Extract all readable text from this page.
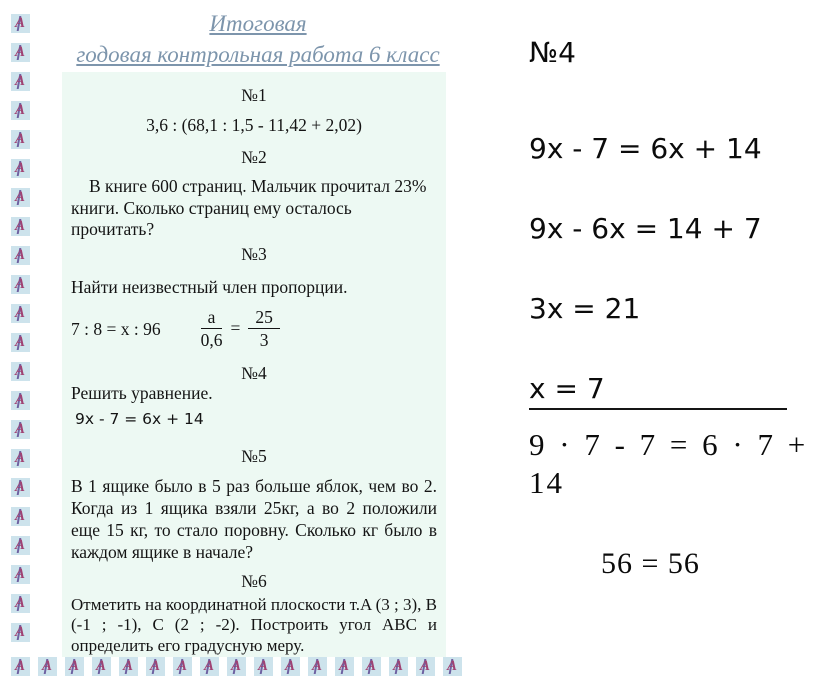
А
А
А
А
А
А
А
А
А
А
А
А
А
А
А
А
А
А
А
А
А
А
А А А А А А А А А А А А А А А А А
Итоговая
годовая контрольная работа 6 класс
№1
3,6 : (68,1 : 1,5 - 11,42 + 2,02)
№2
В книге 600 страниц. Мальчик прочитал 23% книги. Сколько страниц ему осталось прочитать?
№3
Найти неизвестный член пропорции.
7 : 8 = x : $96 \frac{a}{0,6} = \frac{25}{3}$
№4
Решить уравнение.
9x - 7 = 6x + 14
№5
В 1 ящике было в 5 раз больше яблок, чем во 2. Когда из 1 ящика взяли 25кг, а во 2 положили еще 15 кг, то стало поровну. Сколько кг было в каждом ящике в начале?
№6
Отметить на координатной плоскости т.A (3 ; 3), B (-1 ; -1), C (2 ; -2). Построить угол ABC и определить его градусную меру.
№4
9x - 7 = 6x + 14
9x - 6x = 14 + 7
3x = 21
x = 7
9 · 7 - 7 = 6 · 7 + 14
56 = 56
